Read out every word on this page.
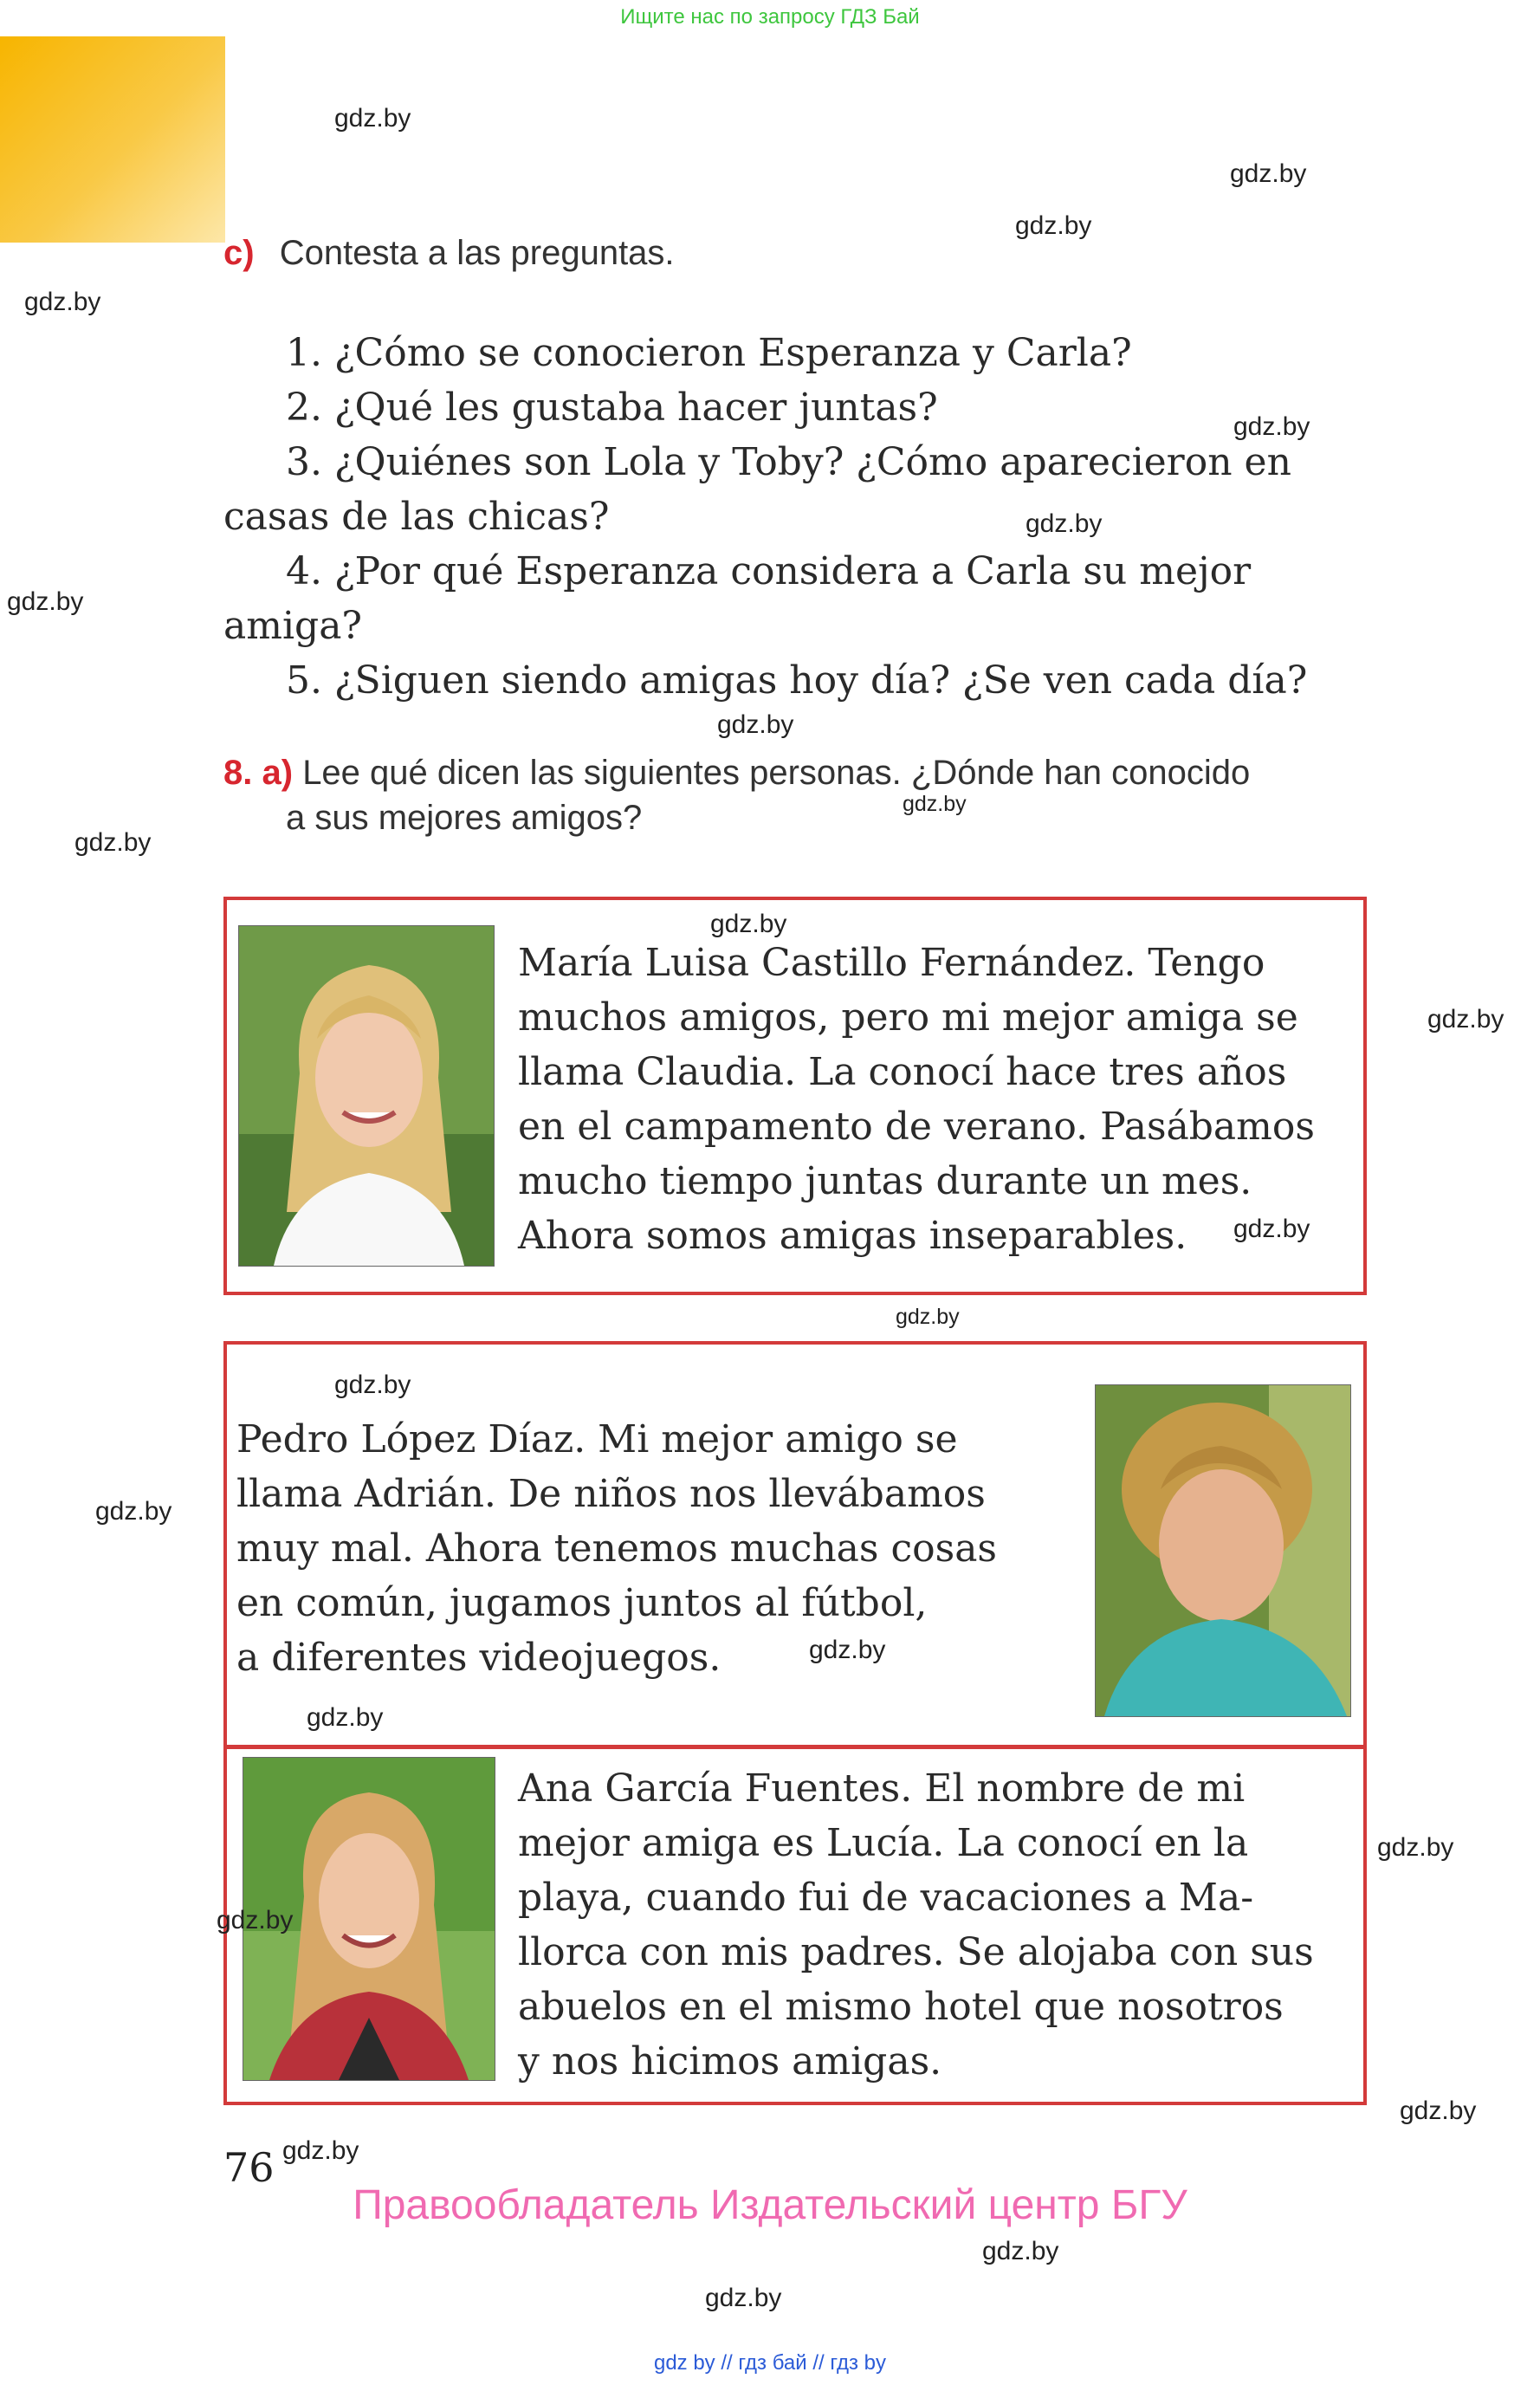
Ищите нас по запросу ГДЗ Бай
c) Contesta a las preguntas.
1. ¿Cómo se conocieron Esperanza y Carla?
2. ¿Qué les gustaba hacer juntas?
3. ¿Quiénes son Lola y Toby? ¿Cómo aparecieron en
casas de las chicas?
4. ¿Por qué Esperanza considera a Carla su mejor
amiga?
5. ¿Siguen siendo amigas hoy día? ¿Se ven cada día?
8. a) Lee qué dicen las siguientes personas. ¿Dónde han conocido
a sus mejores amigos?
María Luisa Castillo Fernández. Tengo
muchos amigos, pero mi mejor amiga se
llama Claudia. La conocí hace tres años
en el campamento de verano. Pasábamos
mucho tiempo juntas durante un mes.
Ahora somos amigas inseparables.
Pedro López Díaz. Mi mejor amigo se
llama Adrián. De niños nos llevábamos
muy mal. Ahora tenemos muchas cosas
en común, jugamos juntos al fútbol,
a diferentes videojuegos.
Ana García Fuentes. El nombre de mi
mejor amiga es Lucía. La conocí en la
playa, cuando fui de vacaciones a Ma-
llorca con mis padres. Se alojaba con sus
abuelos en el mismo hotel que nosotros
y nos hicimos amigas.
76
Правообладатель Издательский центр БГУ
gdz by // гдз бай // гдз by
gdz.by
gdz.by
gdz.by
gdz.by
gdz.by
gdz.by
gdz.by
gdz.by
gdz.by
gdz.by
gdz.by
gdz.by
gdz.by
gdz.by
gdz.by
gdz.by
gdz.by
gdz.by
gdz.by
gdz.by
gdz.by
gdz.by
gdz.by
gdz.by
